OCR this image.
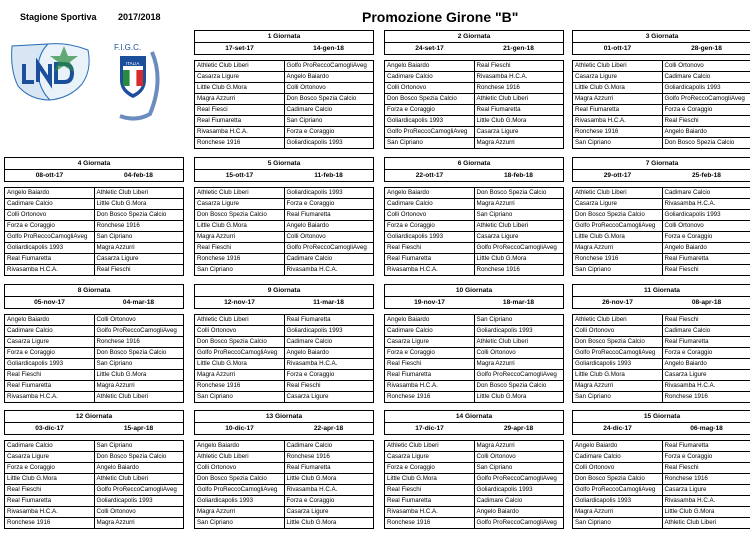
Stagione Sportiva 2017/2018	Promozione Girone "B"
F.I.G.C.
ITALIA
1 Giornata
17-set-17	14-gen-18
Athletic Club Liberi	Golfo ProReccoCamogliAveg
Casarza Ligure	Angelo Baiardo
Little Club G.Mora	Colli Ortonovo
Magra Azzurri	Don Bosco Spezia Calcio
Real Fiesci	Cadimare Calcio
Real Fiumaretta	San Cipriano
Rivasamba H.C.A.	Forza e Coraggio
Ronchese 1916	Goliardicapolis 1993
2 Giornata
24-set-17	21-gen-18
Angelo Baiardo	Real Fieschi
Cadimare Calcio	Rivasamba H.C.A.
Colli Ortonovo	Ronchese 1916
Don Bosco Spezia Calcio	Athletic Club Liberi
Forza e Coraggio	Real Fiumaretta
Goliardicapolis 1993	Little Club G.Mora
Golfo ProReccoCamogliAveg	Casarza Ligure
San Cipriano	Magra Azzurri
3 Giornata
01-ott-17	28-gen-18
Athletic Club Liberi	Colli Ortonovo
Casarza Ligure	Cadimare Calcio
Little Club G.Mora	Goliardicapolis 1993
Magra Azzurri	Golfo ProReccoCamogliAveg
Real Fiumaretta	Forza e Coraggio
Rivasamba H.C.A.	Real Fieschi
Ronchese 1916	Angelo Baiardo
San Cipriano	Don Bosco Spezia Calcio
4 Giornata
08-ott-17	04-feb-18
Angelo Baiardo	Athletic Club Liberi
Cadimare Calcio	Little Club G.Mora
Colli Ortonovo	Don Bosco Spezia Calcio
Forza e Coraggio	Ronchese 1916
Golfo ProReccoCamogliAveg	San Cipriano
Goliardicapolis 1993	Magra Azzurri
Real Fiumaretta	Casarza Ligure
Rivasamba H.C.A.	Real Fieschi
5 Giornata
15-ott-17	11-feb-18
Athletic Club Liberi	Goliardicapolis 1993
Casarza Ligure	Forza e Coraggio
Don Bosco Spezia Calcio	Real Fiumaretta
Little Club G.Mora	Angelo Baiardo
Magra Azzurri	Colli Ortonovo
Real Fieschi	Golfo ProReccoCamogliAveg
Ronchese 1916	Cadimare Calcio
San Cipriano	Rivasamba H.C.A.
6 Giornata
22-ott-17	18-feb-18
Angelo Baiardo	Don Bosco Spezia Calcio
Cadimare Calcio	Magra Azzurri
Colli Ortonovo	San Cipriano
Forza e Coraggio	Athletic Club Liberi
Goliardicapolis 1993	Casarza Ligure
Real Fieschi	Golfo ProReccoCamogliAveg
Real Fiumaretta	Little Club G.Mora
Rivasamba H.C.A.	Ronchese 1916
7 Giornata
29-ott-17	25-feb-18
Athletic Club Liberi	Cadimare Calcio
Casarza Ligure	Rivasamba H.C.A.
Don Bosco Spezia Calcio	Goliardicapolis 1993
Golfo ProReccoCamogliAveg	Colli Ortonovo
Little Club G.Mora	Forza e Coraggio
Magra Azzurri	Angelo Baiardo
Ronchese 1916	Real Fiumaretta
San Cipriano	Real Fieschi
8 Giornata
05-nov-17	04-mar-18
Angelo Baiardo	Colli Ortonovo
Cadimare Calcio	Golfo ProReccoCamogliAveg
Casarza Ligure	Ronchese 1916
Forza e Coraggio	Don Bosco Spezia Calcio
Goliardicapolis 1993	San Cipriano
Real Fieschi	Little Club G.Mora
Real Fiumaretta	Magra Azzurri
Rivasamba H.C.A.	Athletic Club Liberi
9 Giornata
12-nov-17	11-mar-18
Athletic Club Liberi	Real Fiumaretta
Colli Ortonovo	Goliardicapolis 1993
Don Bosco Spezia Calcio	Cadimare Calcio
Golfo ProReccoCamogliAveg	Angelo Baiardo
Little Club G.Mora	Rivasamba H.C.A.
Magra Azzurri	Forza e Coraggio
Ronchese 1916	Real Fieschi
San Cipriano	Casarza Ligure
10 Giornata
19-nov-17	18-mar-18
Angelo Baiardo	San Cipriano
Cadimare Calcio	Goliardicapolis 1993
Casarza Ligure	Athletic Club Liberi
Forza e Coraggio	Colli Ortonovo
Real Fieschi	Magra Azzurri
Real Fiumaretta	Golfo ProReccoCamogliAveg
Rivasamba H.C.A.	Don Bosco Spezia Calcio
Ronchese 1916	Little Club G.Mora
11 Giornata
26-nov-17	08-apr-18
Athletic Club Liberi	Real Fieschi
Colli Ortonovo	Cadimare Calcio
Don Bosco Spezia Calcio	Real Fiumaretta
Golfo ProReccoCamogliAveg	Forza e Coraggio
Goliardicapolis 1993	Angelo Baiardo
Little Club G.Mora	Casarza Ligure
Magra Azzurri	Rivasamba H.C.A.
San Cipriano	Ronchese 1916
12 Giornata
03-dic-17	15-apr-18
Cadimare Calcio	San Cipriano
Casarza Ligure	Don Bosco Spezia Calcio
Forza e Coraggio	Angelo Baiardo
Little Club G.Mora	Athletic Club Liberi
Real Fieschi	Golfo ProReccoCamogliAveg
Real Fiumaretta	Goliardicapolis 1993
Rivasamba H.C.A.	Colli Ortonovo
Ronchese 1916	Magra Azzurri
13 Giornata
10-dic-17	22-apr-18
Angelo Baiardo	Cadimare Calcio
Athletic Club Liberi	Ronchese 1916
Colli Ortonovo	Real Fiumaretta
Don Bosco Spezia Calcio	Little Club G.Mora
Golfo ProReccoCamogliAveg	Rivasamba H.C.A.
Goliardicapolis 1993	Forza e Coraggio
Magra Azzurri	Casarza Ligure
San Cipriano	Little Club G.Mora
14 Giornata
17-dic-17	29-apr-18
Athletic Club Liberi	Magra Azzurri
Casarza Ligure	Colli Ortonovo
Forza e Coraggio	San Cipriano
Little Club G.Mora	Golfo ProReccoCamogliAveg
Real Fieschi	Goliardicapolis 1993
Real Fiumaretta	Cadimare Calcio
Rivasamba H.C.A.	Angelo Baiardo
Ronchese 1916	Golfo ProReccoCamogliAveg
15 Giornata
24-dic-17	06-mag-18
Angelo Baiardo	Real Fiumaretta
Cadimare Calcio	Forza e Coraggio
Colli Ortonovo	Real Fieschi
Don Bosco Spezia Calcio	Ronchese 1916
Golfo ProReccoCamogliAveg	Casarza Ligure
Goliardicapolis 1993	Rivasamba H.C.A.
Magra Azzurri	Little Club G.Mora
San Cipriano	Athletic Club Liberi
